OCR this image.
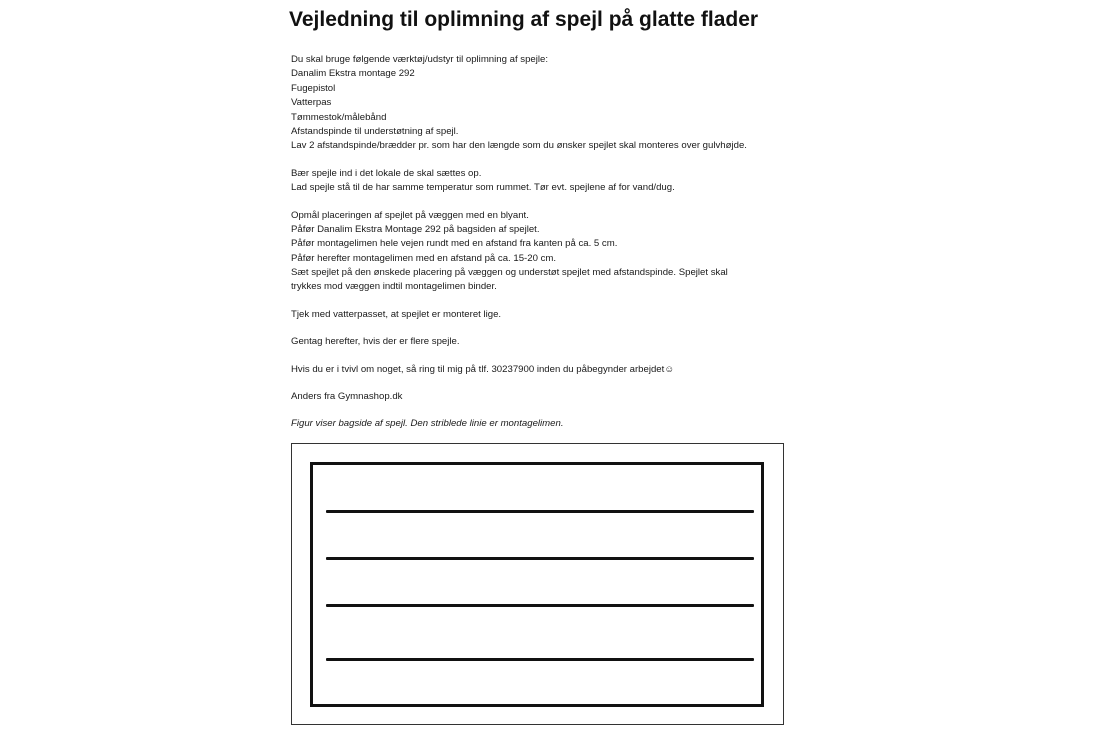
Vejledning til oplimning af spejl på glatte flader
Du skal bruge følgende værktøj/udstyr til oplimning af spejle:
Danalim Ekstra montage 292
Fugepistol
Vatterpas
Tømmestok/målebånd
Afstandspinde til understøtning af spejl.
Lav 2 afstandspinde/brædder pr. som har den længde som du ønsker spejlet skal monteres over gulvhøjde.
Bær spejle ind i det lokale de skal sættes op.
Lad spejle stå til de har samme temperatur som rummet. Tør evt. spejlene af for vand/dug.
Opmål placeringen af spejlet på væggen med en blyant.
Påfør Danalim Ekstra Montage 292 på bagsiden af spejlet.
Påfør montagelimen hele vejen rundt med en afstand fra kanten på ca. 5 cm.
Påfør herefter montagelimen med en afstand på ca. 15-20 cm.
Sæt spejlet på den ønskede placering på væggen og understøt spejlet med afstandspinde. Spejlet skal
trykkes mod væggen indtil montagelimen binder.
Tjek med vatterpasset, at spejlet er monteret lige.
Gentag herefter, hvis der er flere spejle.
Hvis du er i tvivl om noget, så ring til mig på tlf. 30237900 inden du påbegynder arbejdet☺
Anders fra Gymnashop.dk
Figur viser bagside af spejl. Den striblede linie er montagelimen.
